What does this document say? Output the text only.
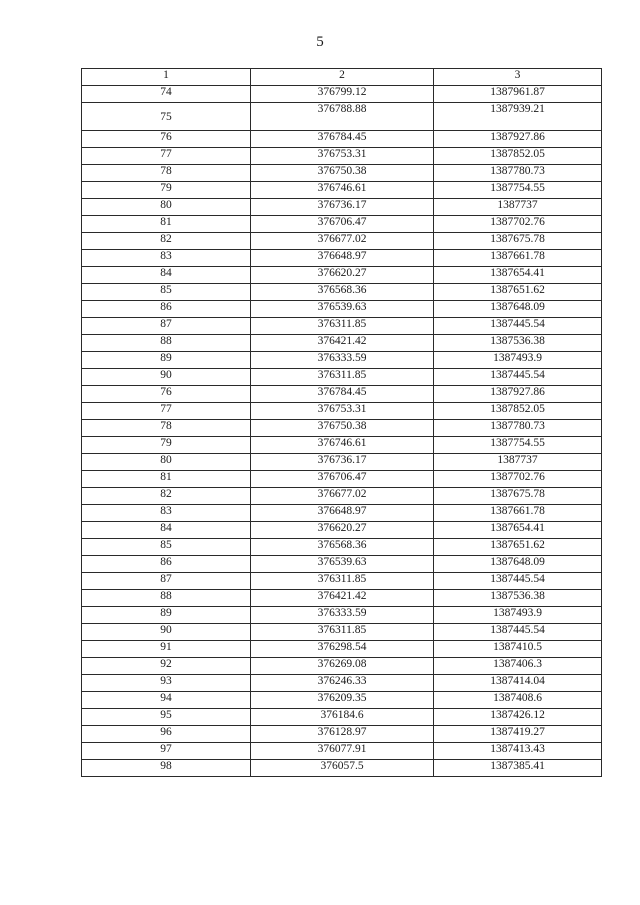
5
1	2	3
74	376799.12	1387961.87
75	376788.88	1387939.21
76	376784.45	1387927.86
77	376753.31	1387852.05
78	376750.38	1387780.73
79	376746.61	1387754.55
80	376736.17	1387737
81	376706.47	1387702.76
82	376677.02	1387675.78
83	376648.97	1387661.78
84	376620.27	1387654.41
85	376568.36	1387651.62
86	376539.63	1387648.09
87	376311.85	1387445.54
88	376421.42	1387536.38
89	376333.59	1387493.9
90	376311.85	1387445.54
76	376784.45	1387927.86
77	376753.31	1387852.05
78	376750.38	1387780.73
79	376746.61	1387754.55
80	376736.17	1387737
81	376706.47	1387702.76
82	376677.02	1387675.78
83	376648.97	1387661.78
84	376620.27	1387654.41
85	376568.36	1387651.62
86	376539.63	1387648.09
87	376311.85	1387445.54
88	376421.42	1387536.38
89	376333.59	1387493.9
90	376311.85	1387445.54
91	376298.54	1387410.5
92	376269.08	1387406.3
93	376246.33	1387414.04
94	376209.35	1387408.6
95	376184.6	1387426.12
96	376128.97	1387419.27
97	376077.91	1387413.43
98	376057.5	1387385.41
